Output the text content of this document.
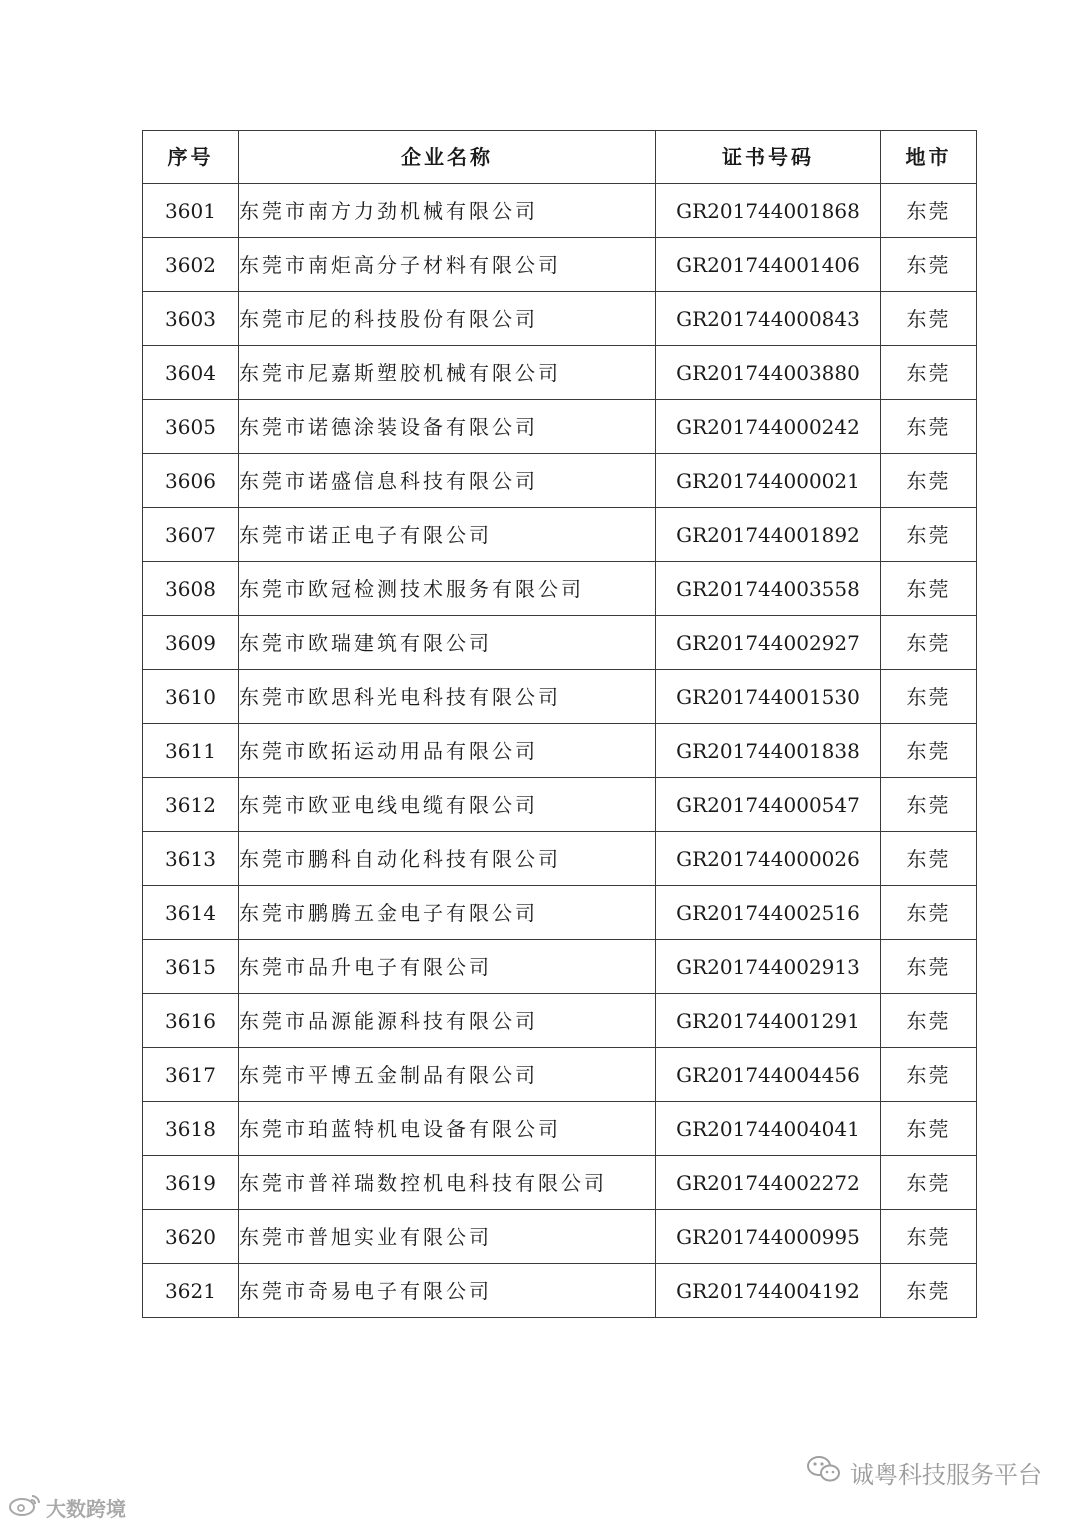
序号	企业名称	证书号码	地市
3601	东莞市南方力劲机械有限公司	GR201744001868	东莞
3602	东莞市南炬高分子材料有限公司	GR201744001406	东莞
3603	东莞市尼的科技股份有限公司	GR201744000843	东莞
3604	东莞市尼嘉斯塑胶机械有限公司	GR201744003880	东莞
3605	东莞市诺德涂装设备有限公司	GR201744000242	东莞
3606	东莞市诺盛信息科技有限公司	GR201744000021	东莞
3607	东莞市诺正电子有限公司	GR201744001892	东莞
3608	东莞市欧冠检测技术服务有限公司	GR201744003558	东莞
3609	东莞市欧瑞建筑有限公司	GR201744002927	东莞
3610	东莞市欧思科光电科技有限公司	GR201744001530	东莞
3611	东莞市欧拓运动用品有限公司	GR201744001838	东莞
3612	东莞市欧亚电线电缆有限公司	GR201744000547	东莞
3613	东莞市鹏科自动化科技有限公司	GR201744000026	东莞
3614	东莞市鹏腾五金电子有限公司	GR201744002516	东莞
3615	东莞市品升电子有限公司	GR201744002913	东莞
3616	东莞市品源能源科技有限公司	GR201744001291	东莞
3617	东莞市平博五金制品有限公司	GR201744004456	东莞
3618	东莞市珀蓝特机电设备有限公司	GR201744004041	东莞
3619	东莞市普祥瑞数控机电科技有限公司	GR201744002272	东莞
3620	东莞市普旭实业有限公司	GR201744000995	东莞
3621	东莞市奇易电子有限公司	GR201744004192	东莞
诚粤科技服务平台
大数跨境
